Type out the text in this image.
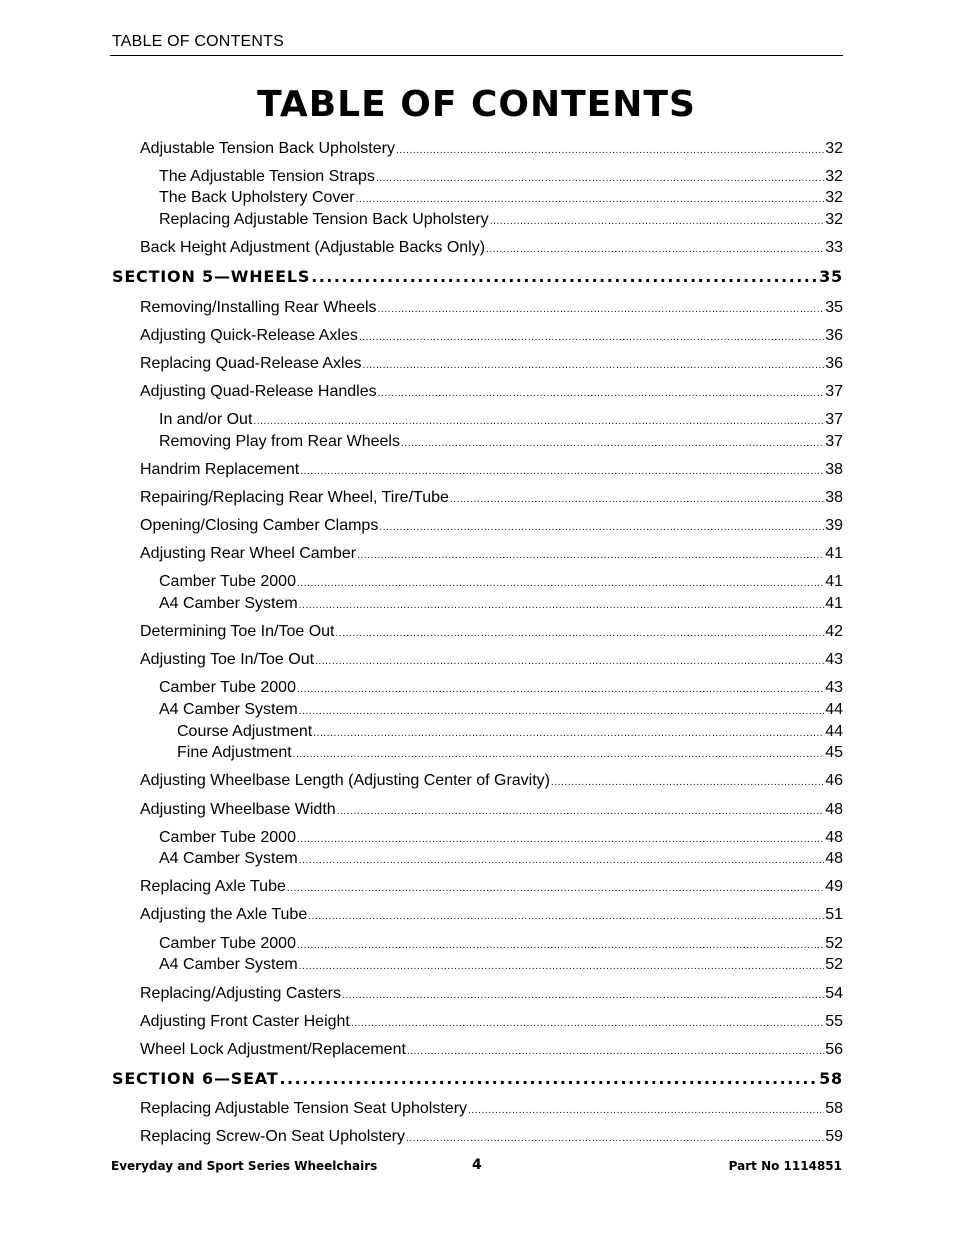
TABLE OF CONTENTS
TABLE OF CONTENTS
Adjustable Tension Back Upholstery .....	32
The Adjustable Tension Straps .....	32
The Back Upholstery Cover .....	32
Replacing Adjustable Tension Back Upholstery .....	32
Back Height Adjustment (Adjustable Backs Only) .....	33
SECTION 5—WHEELS .....	35
Removing/Installing Rear Wheels .....	35
Adjusting Quick-Release Axles .....	36
Replacing Quad-Release Axles .....	36
Adjusting Quad-Release Handles .....	37
In and/or Out .....	37
Removing Play from Rear Wheels .....	37
Handrim Replacement .....	38
Repairing/Replacing Rear Wheel, Tire/Tube .....	38
Opening/Closing Camber Clamps .....	39
Adjusting Rear Wheel Camber .....	41
Camber Tube 2000 .....	41
A4 Camber System .....	41
Determining Toe In/Toe Out .....	42
Adjusting Toe In/Toe Out .....	43
Camber Tube 2000 .....	43
A4 Camber System .....	44
Course Adjustment .....	44
Fine Adjustment .....	45
Adjusting Wheelbase Length (Adjusting Center of Gravity) .....	46
Adjusting Wheelbase Width .....	48
Camber Tube 2000 .....	48
A4 Camber System .....	48
Replacing Axle Tube .....	49
Adjusting the Axle Tube .....	51
Camber Tube 2000 .....	52
A4 Camber System .....	52
Replacing/Adjusting Casters .....	54
Adjusting Front Caster Height .....	55
Wheel Lock Adjustment/Replacement .....	56
SECTION 6—SEAT .....	58
Replacing Adjustable Tension Seat Upholstery .....	58
Replacing Screw-On Seat Upholstery .....	59
Everyday and Sport Series Wheelchairs	4	Part No 1114851
